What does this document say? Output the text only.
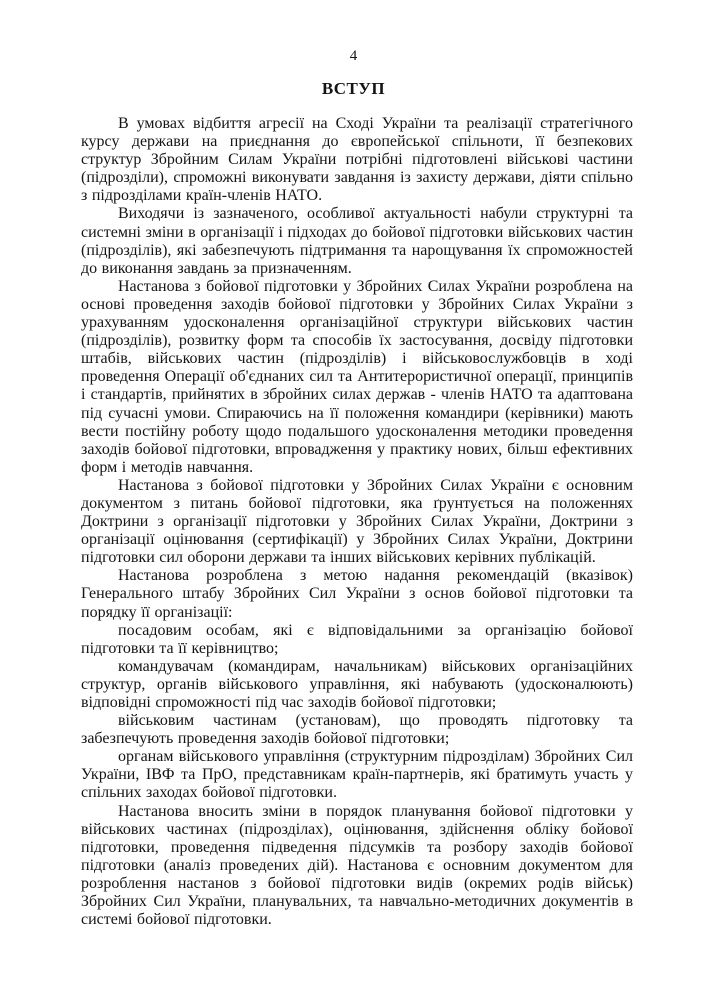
4
ВСТУП

В умовах відбиття агресії на Сході України та реалізації стратегічного курсу держави на приєднання до європейської спільноти, її безпекових структур Збройним Силам України потрібні підготовлені військові частини (підрозділи), спроможні виконувати завдання із захисту держави, діяти спільно з підрозділами країн-членів НАТО.

Виходячи із зазначеного, особливої актуальності набули структурні та системні зміни в організації і підходах до бойової підготовки військових частин (підрозділів), які забезпечують підтримання та нарощування їх спроможностей до виконання завдань за призначенням.

Настанова з бойової підготовки у Збройних Силах України розроблена на основі проведення заходів бойової підготовки у Збройних Силах України з урахуванням удосконалення організаційної структури військових частин (підрозділів), розвитку форм та способів їх застосування, досвіду підготовки штабів, військових частин (підрозділів) і військовослужбовців в ході проведення Операції об'єднаних сил та Антитерористичної операції, принципів і стандартів, прийнятих в збройних силах держав - членів НАТО та адаптована під сучасні умови. Спираючись на її положення командири (керівники) мають вести постійну роботу щодо подальшого удосконалення методики проведення заходів бойової підготовки, впровадження у практику нових, більш ефективних форм і методів навчання.

Настанова з бойової підготовки у Збройних Силах України є основним документом з питань бойової підготовки, яка ґрунтується на положеннях Доктрини з організації підготовки у Збройних Силах України, Доктрини з організації оцінювання (сертифікації) у Збройних Силах України, Доктрини підготовки сил оборони держави та інших військових керівних публікацій.

Настанова розроблена з метою надання рекомендацій (вказівок) Генерального штабу Збройних Сил України з основ бойової підготовки та порядку її організації:

посадовим особам, які є відповідальними за організацію бойової підготовки та її керівництво;

командувачам (командирам, начальникам) військових організаційних структур, органів військового управління, які набувають (удосконалюють) відповідні спроможності під час заходів бойової підготовки;

військовим частинам (установам), що проводять підготовку та забезпечують проведення заходів бойової підготовки;

органам військового управління (структурним підрозділам) Збройних Сил України, ІВФ та ПрО, представникам країн-партнерів, які братимуть участь у спільних заходах бойової підготовки.

Настанова вносить зміни в порядок планування бойової підготовки у військових частинах (підрозділах), оцінювання, здійснення обліку бойової підготовки, проведення підведення підсумків та розбору заходів бойової підготовки (аналіз проведених дій). Настанова є основним документом для розроблення настанов з бойової підготовки видів (окремих родів військ) Збройних Сил України, планувальних, та навчально-методичних документів в системі бойової підготовки.
